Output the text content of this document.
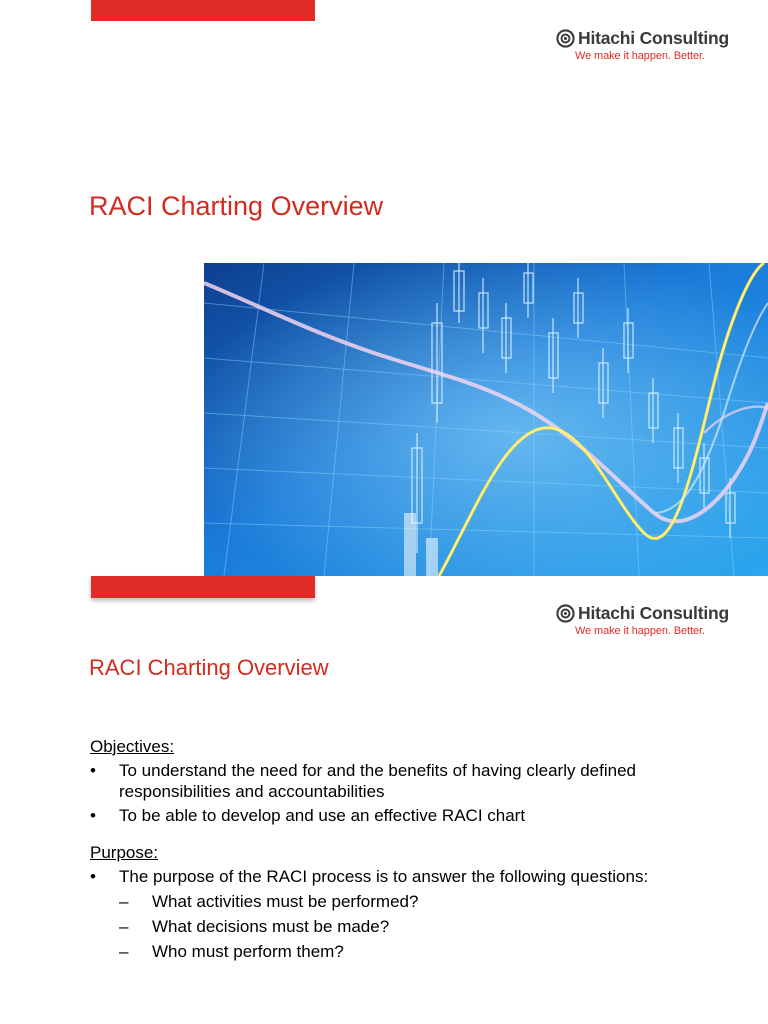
Hitachi Consulting
We make it happen. Better.
RACI Charting Overview
Hitachi Consulting
We make it happen. Better.
RACI Charting Overview
Objectives:
• To understand the need for and the benefits of having clearly defined responsibilities and accountabilities
• To be able to develop and use an effective RACI chart
Purpose:
• The purpose of the RACI process is to answer the following questions:
– What activities must be performed?
– What decisions must be made?
– Who must perform them?
